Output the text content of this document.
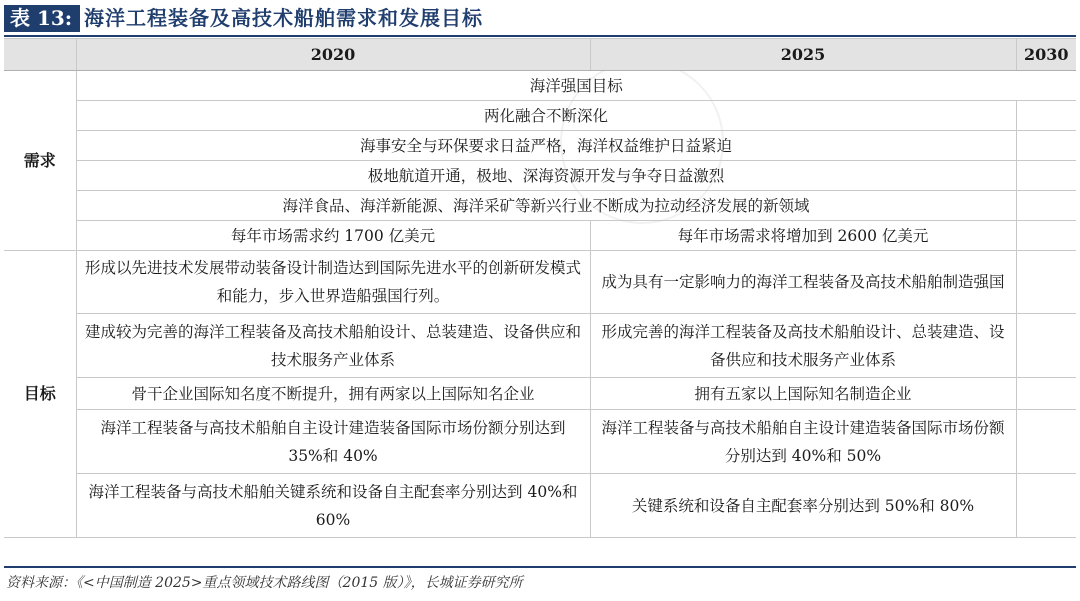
表 13: 海洋工程装备及高技术船舶需求和发展目标
	2020	2025	2030
需求	海洋强国目标		
	两化融合不断深化		
	海事安全与环保要求日益严格，海洋权益维护日益紧迫		
	极地航道开通，极地、深海资源开发与争夺日益激烈		
	海洋食品、海洋新能源、海洋采矿等新兴行业不断成为拉动经济发展的新领域		
	每年市场需求约 1700 亿美元	每年市场需求将增加到 2600 亿美元	
目标	形成以先进技术发展带动装备设计制造达到国际先进水平的创新研发模式和能力，步入世界造船强国行列。	成为具有一定影响力的海洋工程装备及高技术船舶制造强国	
	建成较为完善的海洋工程装备及高技术船舶设计、总装建造、设备供应和技术服务产业体系	形成完善的海洋工程装备及高技术船舶设计、总装建造、设备供应和技术服务产业体系	
	骨干企业国际知名度不断提升，拥有两家以上国际知名企业	拥有五家以上国际知名制造企业	
	海洋工程装备与高技术船舶自主设计建造装备国际市场份额分别达到 35%和 40%	海洋工程装备与高技术船舶自主设计建造装备国际市场份额分别达到 40%和 50%	
	海洋工程装备与高技术船舶关键系统和设备自主配套率分别达到 40%和 60%	关键系统和设备自主配套率分别达到 50%和 80%	
资料来源：《<中国制造 2025>重点领域技术路线图（2015 版）》，长城证券研究所
